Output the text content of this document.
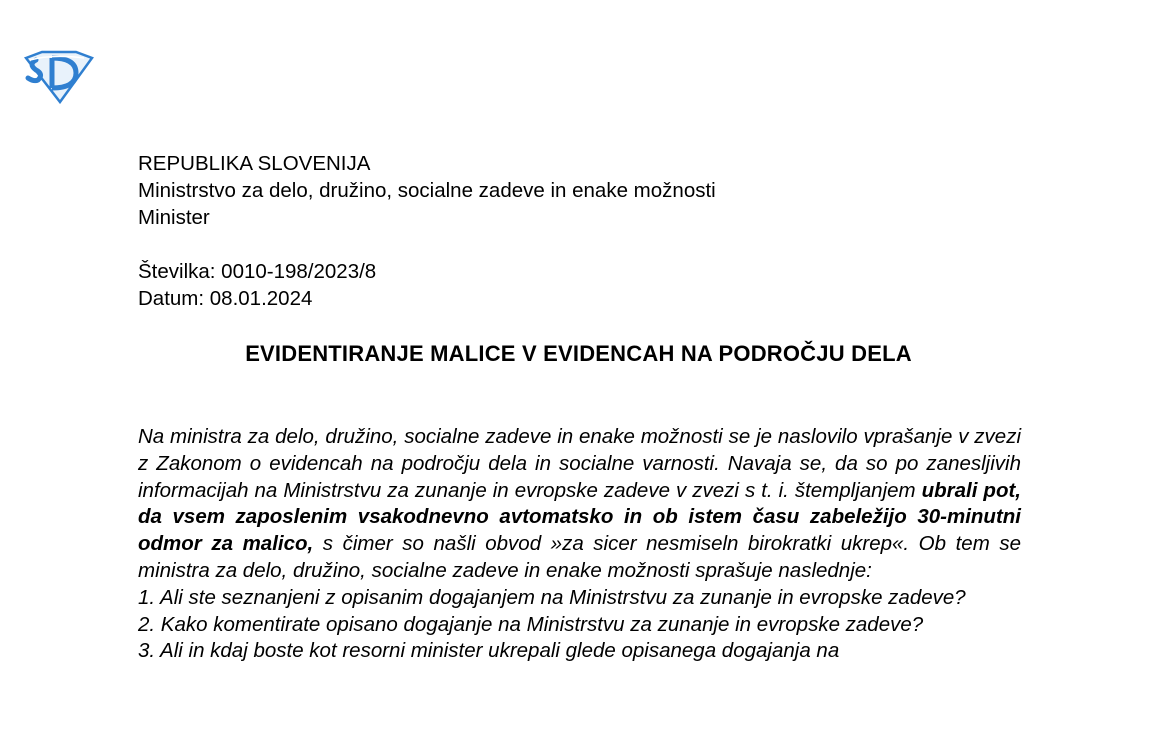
REPUBLIKA SLOVENIJA
Ministrstvo za delo, družino, socialne zadeve in enake možnosti
Minister
Številka: 0010-198/2023/8
Datum: 08.01.2024
EVIDENTIRANJE MALICE V EVIDENCAH NA PODROČJU DELA

Na ministra za delo, družino, socialne zadeve in enake možnosti se je naslovilo vprašanje v zvezi z Zakonom o evidencah na področju dela in socialne varnosti. Navaja se, da so po zanesljivih informacijah na Ministrstvu za zunanje in evropske zadeve v zvezi s t. i. štempljanjem ubrali pot, da vsem zaposlenim vsakodnevno avtomatsko in ob istem času zabeležijo 30-minutni odmor za malico, s čimer so našli obvod »za sicer nesmiseln birokratki ukrep«. Ob tem se ministra za delo, družino, socialne zadeve in enake možnosti sprašuje naslednje:

1. Ali ste seznanjeni z opisanim dogajanjem na Ministrstvu za zunanje in evropske zadeve?

2. Kako komentirate opisano dogajanje na Ministrstvu za zunanje in evropske zadeve?

3. Ali in kdaj boste kot resorni minister ukrepali glede opisanega dogajanja na
